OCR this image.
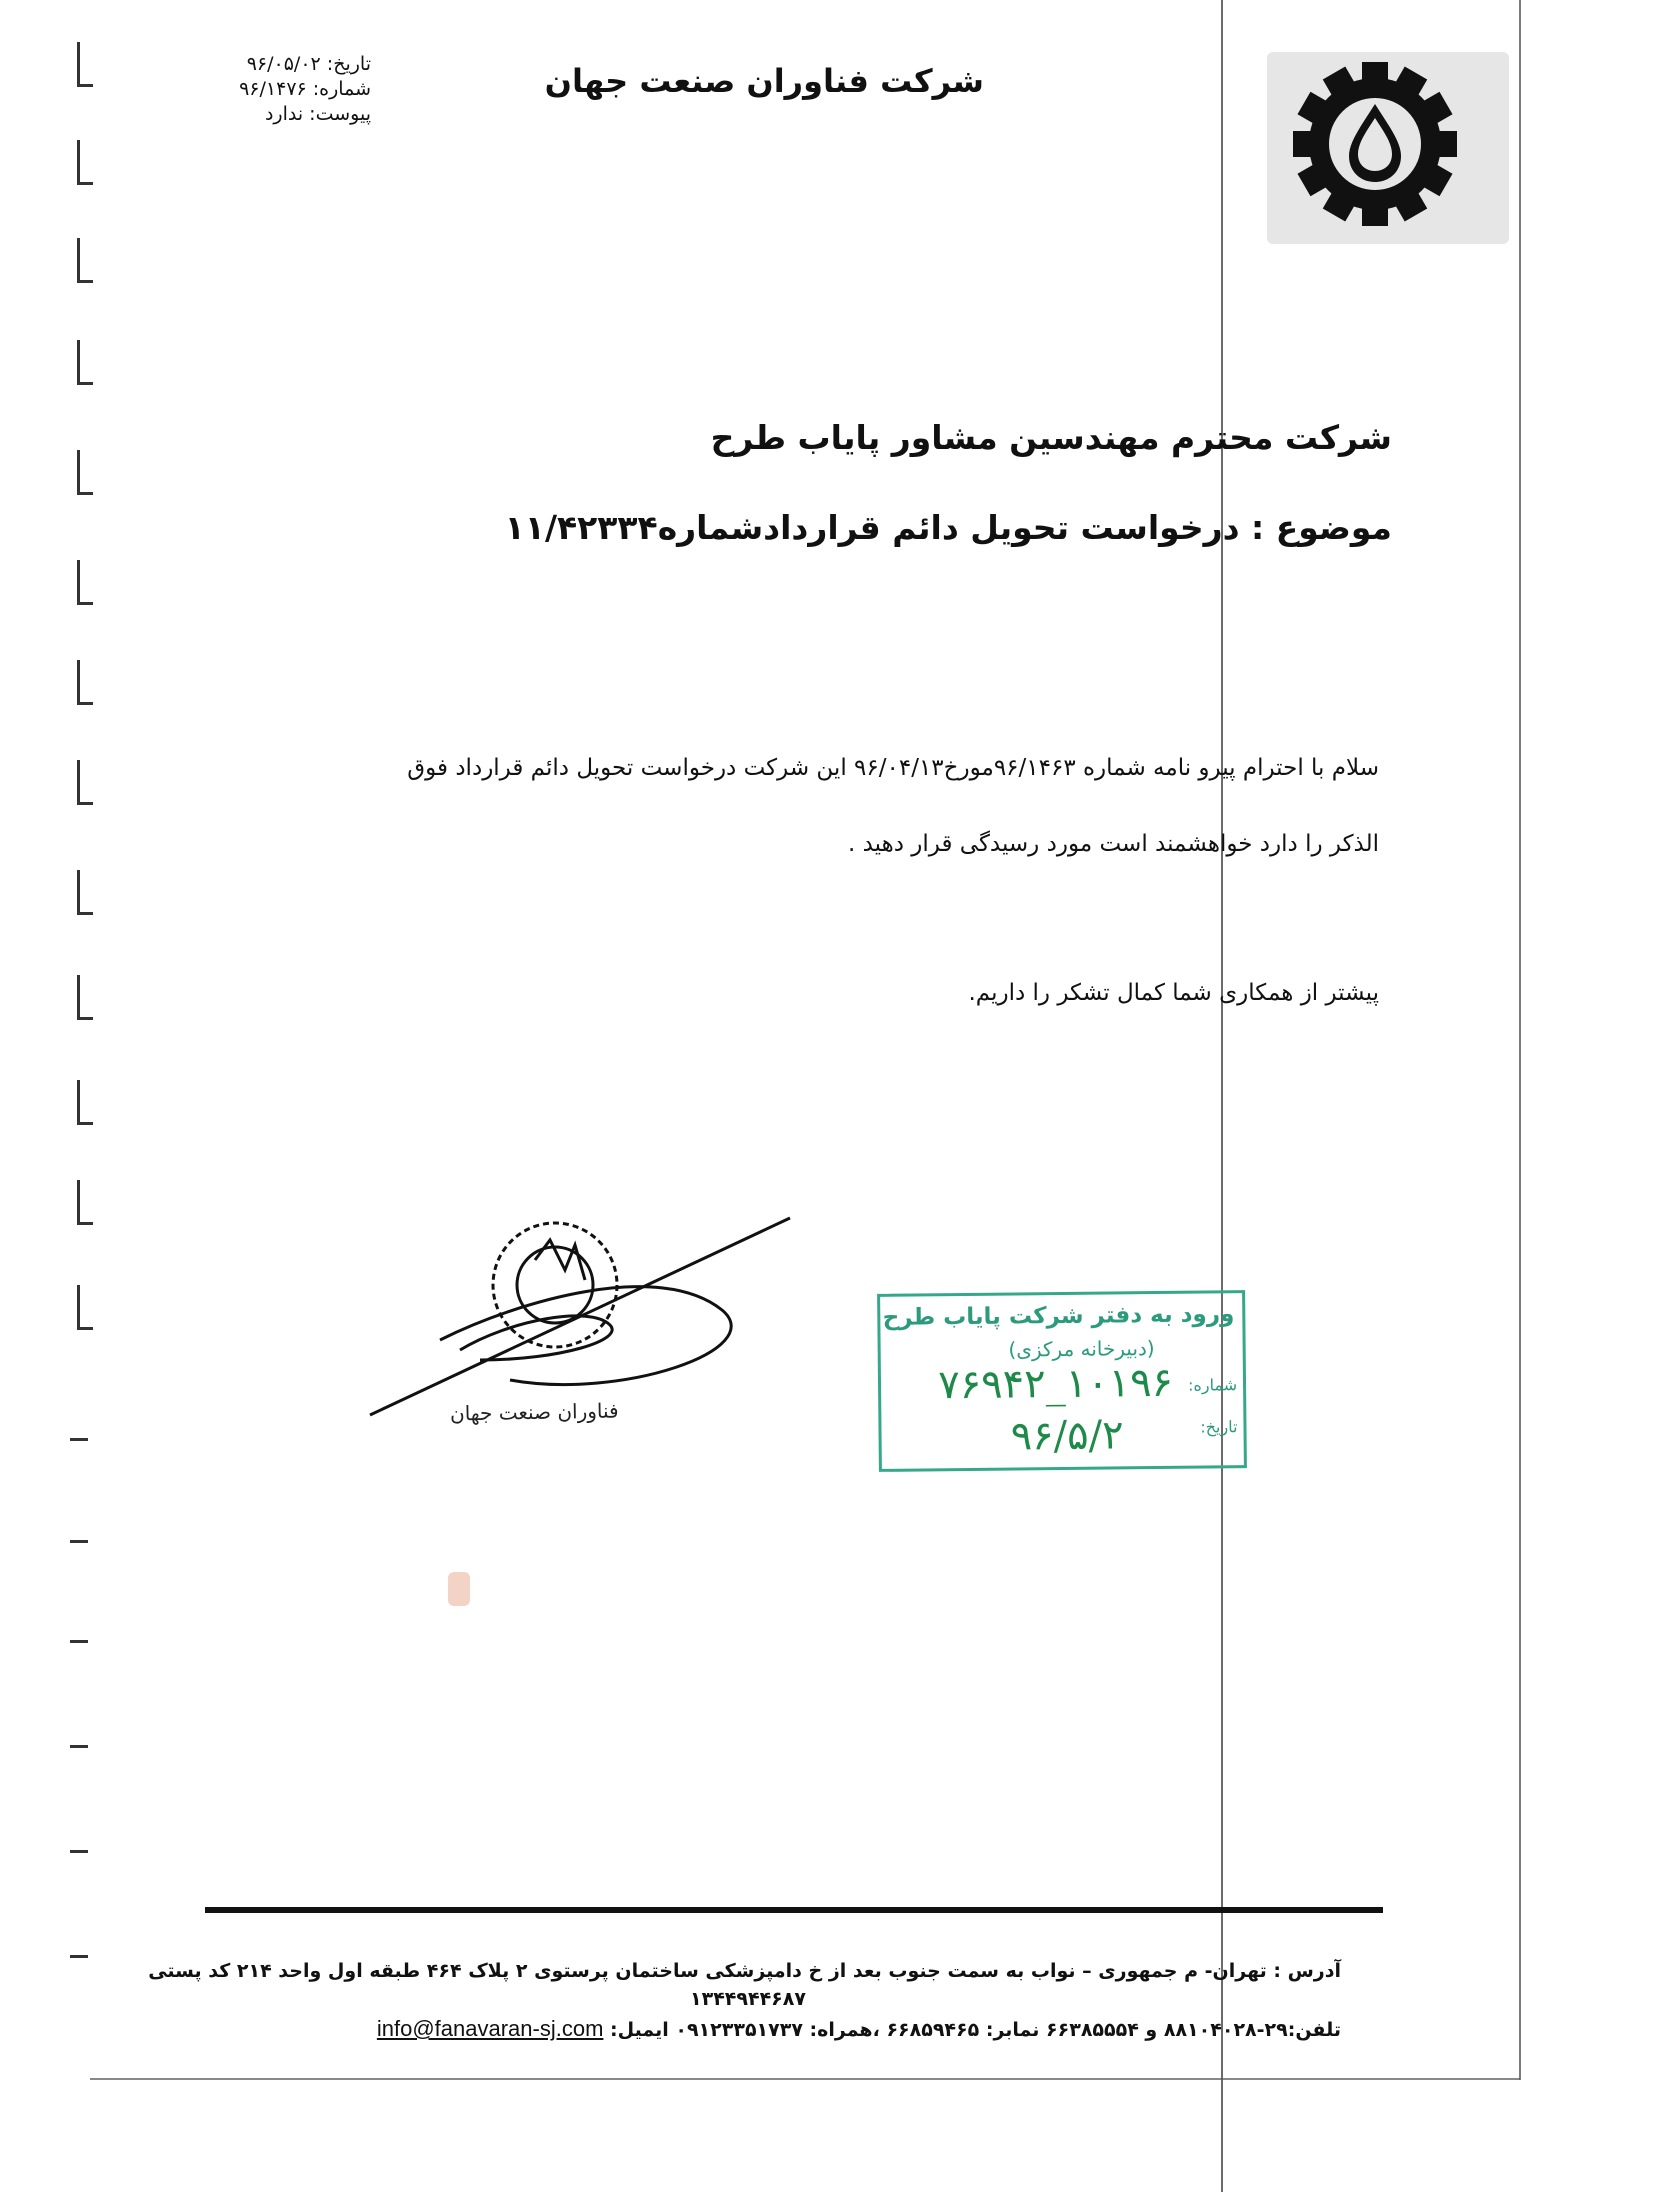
شرکت فناوران صنعت جهان
تاریخ: ۹۶/۰۵/۰۲
شماره: ۹۶/۱۴۷۶
پیوست: ندارد
شرکت محترم مهندسین مشاور پایاب طرح
موضوع : درخواست تحویل دائم قراردادشماره۱۱/۴۲۳۳۴
سلام با احترام پیرو نامه شماره ۹۶/۱۴۶۳مورخ۹۶/۰۴/۱۳ این شرکت درخواست تحویل دائم قرارداد فوق
الذکر را دارد خواهشمند است مورد رسیدگی قرار دهید .
پیشتر از همکاری شما کمال تشکر را داریم.
فناوران صنعت جهان
ورود به دفتر شرکت پایاب طرح
(دبیرخانه مرکزی)
شماره:
۱۰۱۹۶_۷۶۹۴۲
تاریخ:
۹۶/۵/۲
آدرس : تهران- م جمهوری – نواب به سمت جنوب بعد از خ دامپزشکی ساختمان پرستوی ۲ پلاک ۴۶۴ طبقه اول واحد ۲۱۴ کد پستی
۱۳۴۴۹۴۴۶۸۷
تلفن:۲۹-۸۸۱۰۴۰۲۸ و ۶۶۳۸۵۵۵۴ نمابر: ۶۶۸۵۹۴۶۵ ،همراه: ۰۹۱۲۳۳۵۱۷۳۷ ایمیل: info@fanavaran-sj.com
